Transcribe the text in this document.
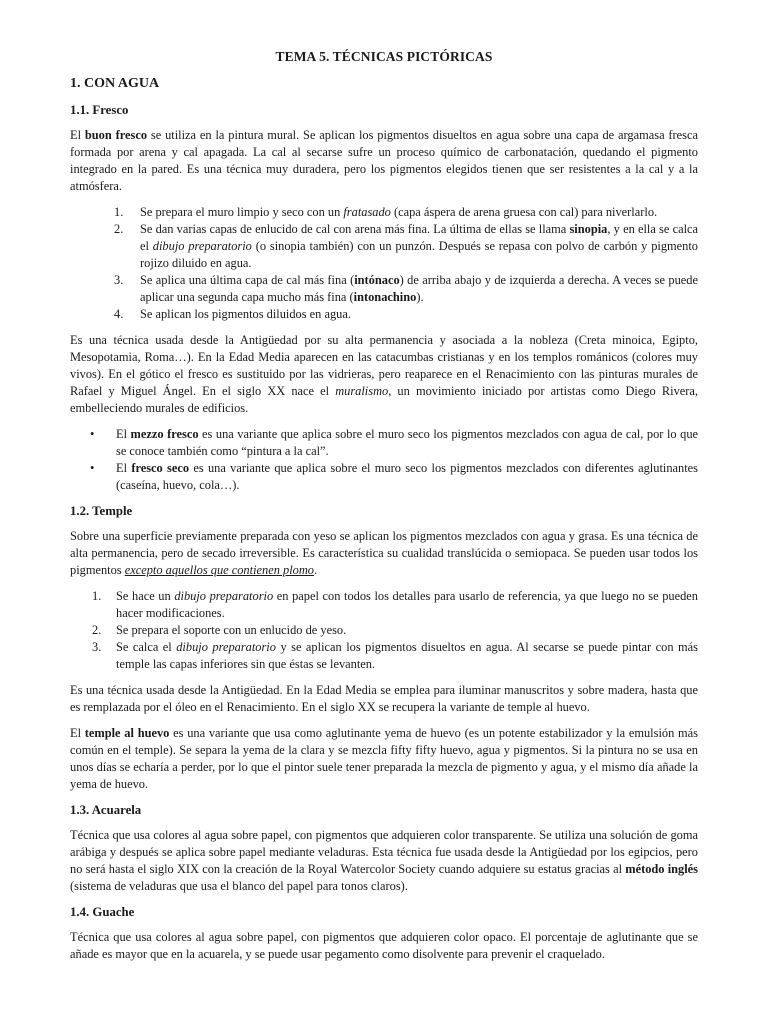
TEMA 5. TÉCNICAS PICTÓRICAS
1. CON AGUA
1.1. Fresco

El buon fresco se utiliza en la pintura mural. Se aplican los pigmentos disueltos en agua sobre una capa de argamasa fresca formada por arena y cal apagada. La cal al secarse sufre un proceso químico de carbonatación, quedando el pigmento integrado en la pared. Es una técnica muy duradera, pero los pigmentos elegidos tienen que ser resistentes a la cal y a la atmósfera.

1. Se prepara el muro limpio y seco con un fratasado (capa áspera de arena gruesa con cal) para niverlarlo.
2. Se dan varias capas de enlucido de cal con arena más fina. La última de ellas se llama sinopia, y en ella se calca el dibujo preparatorio (o sinopia también) con un punzón. Después se repasa con polvo de carbón y pigmento rojizo diluido en agua.
3. Se aplica una última capa de cal más fina (intónaco) de arriba abajo y de izquierda a derecha. A veces se puede aplicar una segunda capa mucho más fina (intonachino).
4. Se aplican los pigmentos diluidos en agua.

Es una técnica usada desde la Antigüedad por su alta permanencia y asociada a la nobleza (Creta minoica, Egipto, Mesopotamia, Roma…). En la Edad Media aparecen en las catacumbas cristianas y en los templos románicos (colores muy vivos). En el gótico el fresco es sustituido por las vidrieras, pero reaparece en el Renacimiento con las pinturas murales de Rafael y Miguel Ángel. En el siglo XX nace el muralismo, un movimiento iniciado por artistas como Diego Rivera, embelleciendo murales de edificios.

• El mezzo fresco es una variante que aplica sobre el muro seco los pigmentos mezclados con agua de cal, por lo que se conoce también como “pintura a la cal”.
• El fresco seco es una variante que aplica sobre el muro seco los pigmentos mezclados con diferentes aglutinantes (caseína, huevo, cola…).
1.2. Temple

Sobre una superficie previamente preparada con yeso se aplican los pigmentos mezclados con agua y grasa. Es una técnica de alta permanencia, pero de secado irreversible. Es característica su cualidad translúcida o semiopaca. Se pueden usar todos los pigmentos excepto aquellos que contienen plomo.

1. Se hace un dibujo preparatorio en papel con todos los detalles para usarlo de referencia, ya que luego no se pueden hacer modificaciones.
2. Se prepara el soporte con un enlucido de yeso.
3. Se calca el dibujo preparatorio y se aplican los pigmentos disueltos en agua. Al secarse se puede pintar con más temple las capas inferiores sin que éstas se levanten.

Es una técnica usada desde la Antigüedad. En la Edad Media se emplea para iluminar manuscritos y sobre madera, hasta que es remplazada por el óleo en el Renacimiento. En el siglo XX se recupera la variante de temple al huevo.

El temple al huevo es una variante que usa como aglutinante yema de huevo (es un potente estabilizador y la emulsión más común en el temple). Se separa la yema de la clara y se mezcla fifty fifty huevo, agua y pigmentos. Si la pintura no se usa en unos días se echaría a perder, por lo que el pintor suele tener preparada la mezcla de pigmento y agua, y el mismo día añade la yema de huevo.

1.3. Acuarela

Técnica que usa colores al agua sobre papel, con pigmentos que adquieren color transparente. Se utiliza una solución de goma arábiga y después se aplica sobre papel mediante veladuras. Esta técnica fue usada desde la Antigüedad por los egipcios, pero no será hasta el siglo XIX con la creación de la Royal Watercolor Society cuando adquiere su estatus gracias al método inglés (sistema de veladuras que usa el blanco del papel para tonos claros).

1.4. Guache

Técnica que usa colores al agua sobre papel, con pigmentos que adquieren color opaco. El porcentaje de aglutinante que se añade es mayor que en la acuarela, y se puede usar pegamento como disolvente para prevenir el craquelado.
